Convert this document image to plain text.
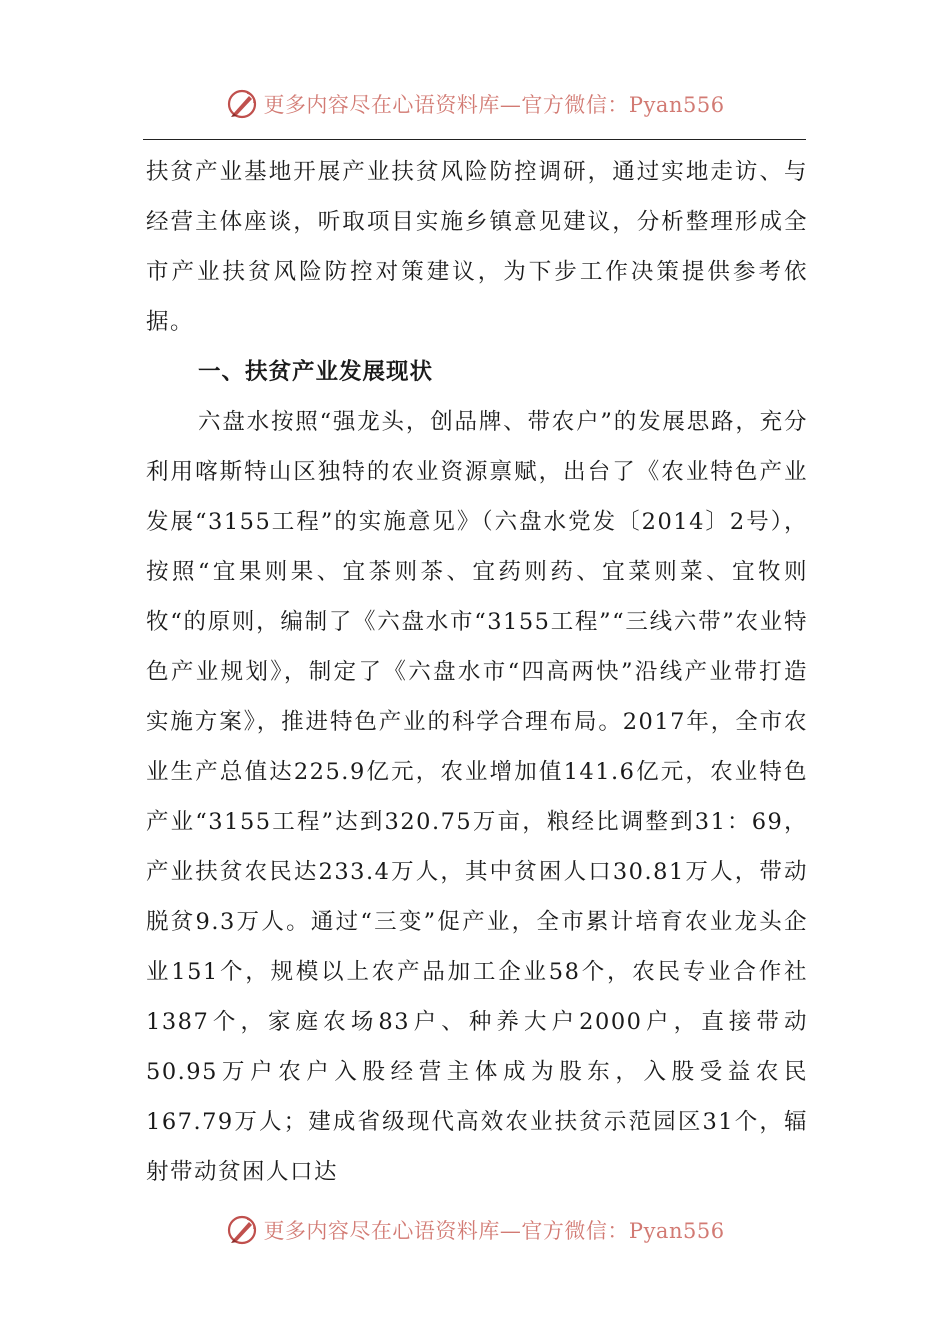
更多内容尽在心语资料库—官方微信：Pyan556

扶贫产业基地开展产业扶贫风险防控调研，通过实地走访、与经营主体座谈，听取项目实施乡镇意见建议，分析整理形成全市产业扶贫风险防控对策建议，为下步工作决策提供参考依据。

一、扶贫产业发展现状

六盘水按照“强龙头，创品牌、带农户”的发展思路，充分利用喀斯特山区独特的农业资源禀赋，出台了《农业特色产业发展“3155工程”的实施意见》（六盘水党发〔2014〕2号），按照“宜果则果、宜茶则茶、宜药则药、宜菜则菜、宜牧则牧“的原则，编制了《六盘水市“3155工程”“三线六带”农业特色产业规划》，制定了《六盘水市“四高两快”沿线产业带打造实施方案》，推进特色产业的科学合理布局。2017年，全市农业生产总值达225.9亿元，农业增加值141.6亿元，农业特色产业“3155工程”达到320.75万亩，粮经比调整到31：69，产业扶贫农民达233.4万人，其中贫困人口30.81万人，带动脱贫9.3万人。通过“三变”促产业，全市累计培育农业龙头企业151个，规模以上农产品加工企业58个，农民专业合作社1387个，家庭农场83户、种养大户2000户，直接带动50.95万户农户入股经营主体成为股东，入股受益农民167.79万人；建成省级现代高效农业扶贫示范园区31个，辐射带动贫困人口达

更多内容尽在心语资料库—官方微信：Pyan556
